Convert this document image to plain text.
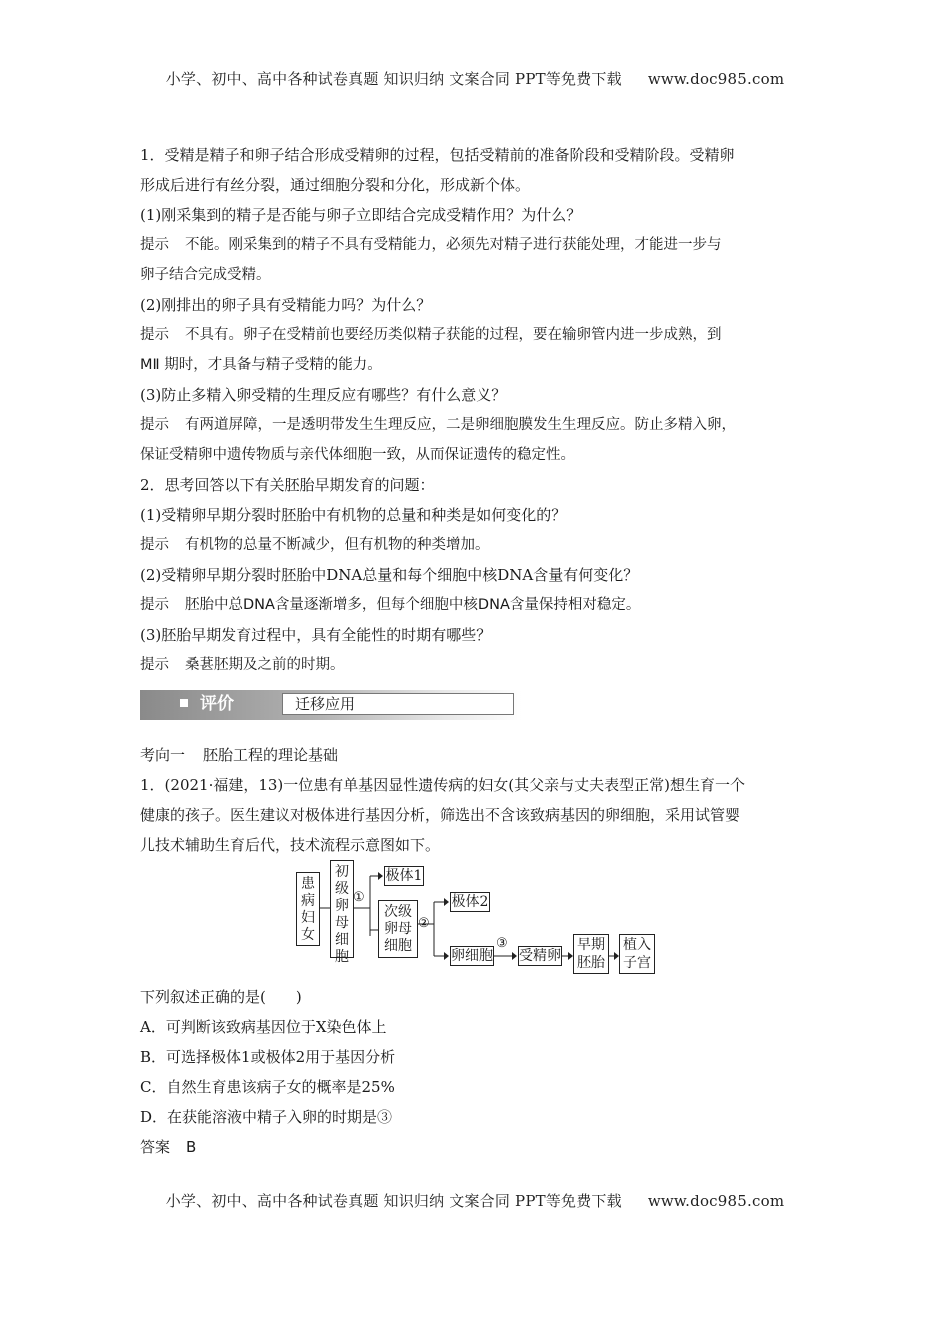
小学、初中、高中各种试卷真题 知识归纳 文案合同 PPT等免费下载 www.doc985.com
1．受精是精子和卵子结合形成受精卵的过程，包括受精前的准备阶段和受精阶段。受精卵
形成后进行有丝分裂，通过细胞分裂和分化，形成新个体。
(1)刚采集到的精子是否能与卵子立即结合完成受精作用？为什么？
提示 不能。刚采集到的精子不具有受精能力，必须先对精子进行获能处理，才能进一步与
卵子结合完成受精。
(2)刚排出的卵子具有受精能力吗？为什么？
提示 不具有。卵子在受精前也要经历类似精子获能的过程，要在输卵管内进一步成熟，到
MⅡ 期时，才具备与精子受精的能力。
(3)防止多精入卵受精的生理反应有哪些？有什么意义？
提示 有两道屏障，一是透明带发生生理反应，二是卵细胞膜发生生理反应。防止多精入卵，
保证受精卵中遗传物质与亲代体细胞一致，从而保证遗传的稳定性。
2．思考回答以下有关胚胎早期发育的问题：
(1)受精卵早期分裂时胚胎中有机物的总量和种类是如何变化的？
提示 有机物的总量不断减少，但有机物的种类增加。
(2)受精卵早期分裂时胚胎中DNA总量和每个细胞中核DNA含量有何变化？
提示 胚胎中总DNA含量逐渐增多，但每个细胞中核DNA含量保持相对稳定。
(3)胚胎早期发育过程中，具有全能性的时期有哪些？
提示 桑葚胚期及之前的时期。
评价	迁移应用
考向一 胚胎工程的理论基础
1．(2021·福建，13)一位患有单基因显性遗传病的妇女(其父亲与丈夫表型正常)想生育一个
健康的孩子。医生建议对极体进行基因分析，筛选出不含该致病基因的卵细胞，采用试管婴
儿技术辅助生育后代，技术流程示意图如下。
患
病
妇
女
初
级
卵
母
细
胞
①
极体1
次级
卵母
细胞
②
极体2
卵细胞
③
受精卵
早期
胚胎
植入
子宫
下列叙述正确的是(　　)
A．可判断该致病基因位于X染色体上
B．可选择极体1或极体2用于基因分析
C．自然生育患该病子女的概率是25%
D．在获能溶液中精子入卵的时期是③
答案 B
小学、初中、高中各种试卷真题 知识归纳 文案合同 PPT等免费下载 www.doc985.com
